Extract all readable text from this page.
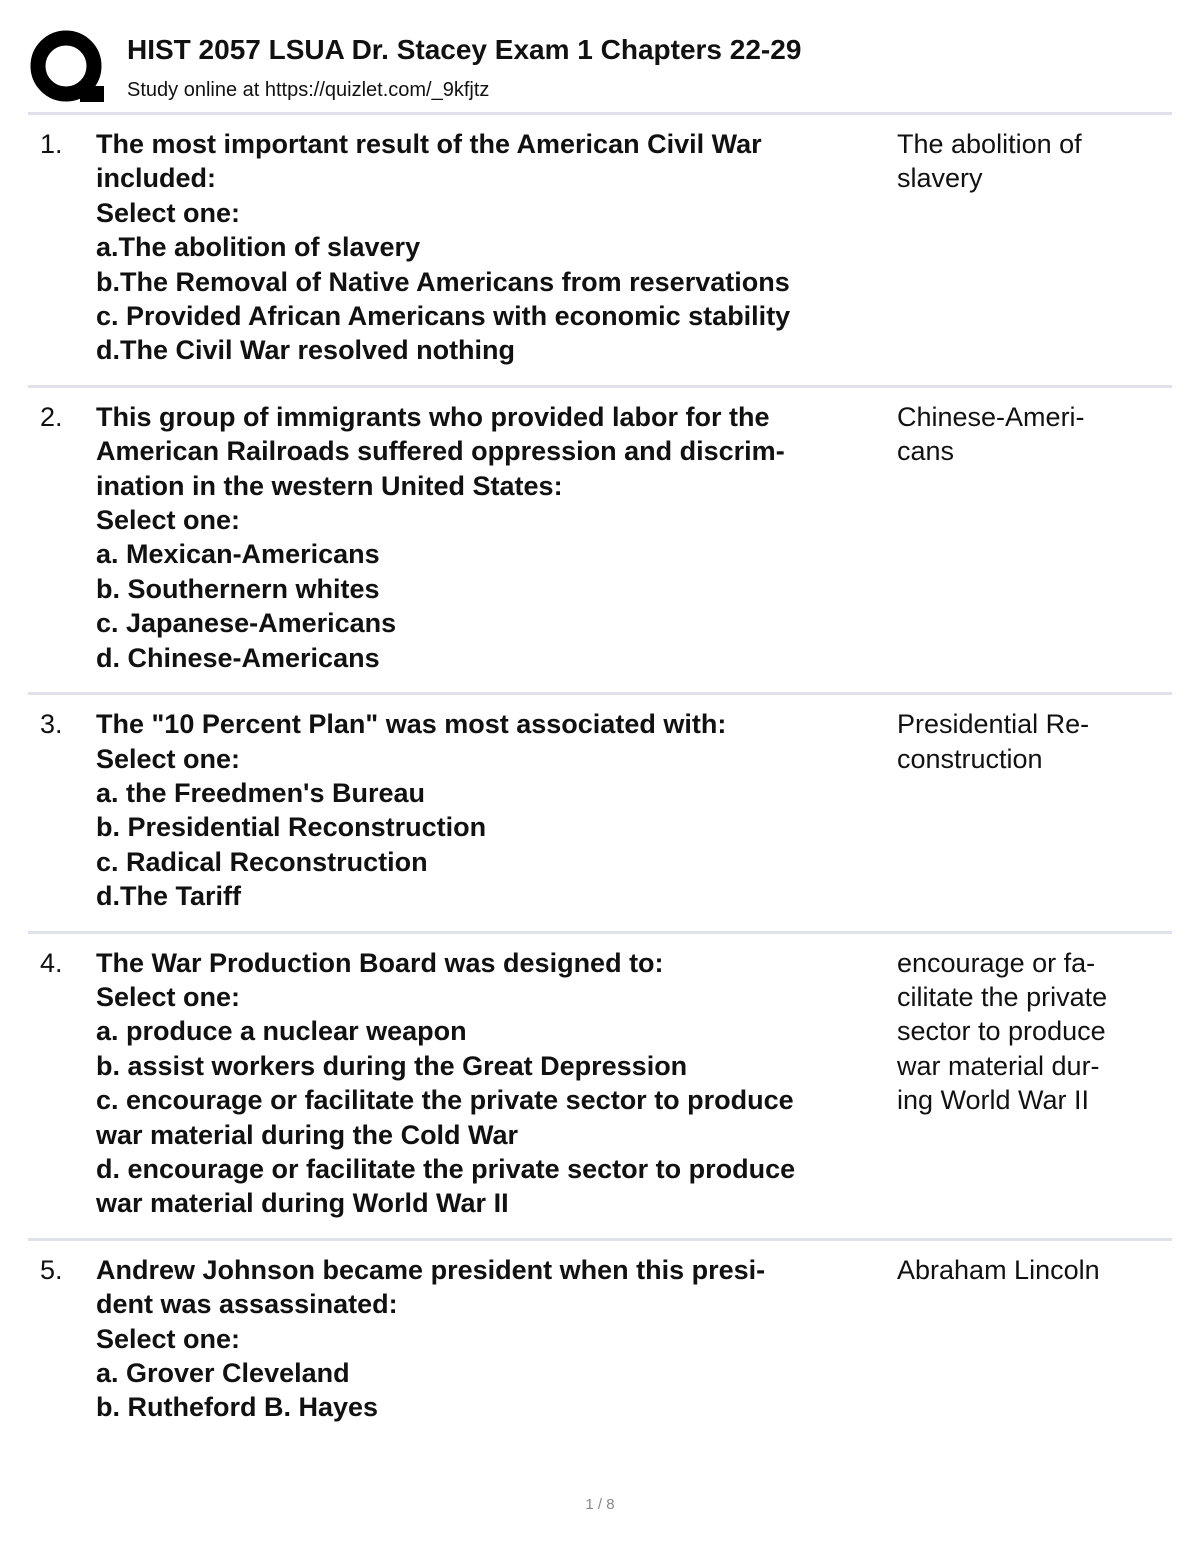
HIST 2057 LSUA Dr. Stacey Exam 1 Chapters 22-29
Study online at https://quizlet.com/_9kfjtz
1. The most important result of the American Civil War
included:
Select one:
a.The abolition of slavery
b.The Removal of Native Americans from reservations
c. Provided African Americans with economic stability
d.The Civil War resolved nothing
The abolition of
slavery
2. This group of immigrants who provided labor for the
American Railroads suffered oppression and discrim-
ination in the western United States:
Select one:
a. Mexican-Americans
b. Southernern whites
c. Japanese-Americans
d. Chinese-Americans
Chinese-Ameri-
cans
3. The "10 Percent Plan" was most associated with:
Select one:
a. the Freedmen's Bureau
b. Presidential Reconstruction
c. Radical Reconstruction
d.The Tariff
Presidential Re-
construction
4. The War Production Board was designed to:
Select one:
a. produce a nuclear weapon
b. assist workers during the Great Depression
c. encourage or facilitate the private sector to produce
war material during the Cold War
d. encourage or facilitate the private sector to produce
war material during World War II
encourage or fa-
cilitate the private
sector to produce
war material dur-
ing World War II
5. Andrew Johnson became president when this presi-
dent was assassinated:
Select one:
a. Grover Cleveland
b. Rutheford B. Hayes
Abraham Lincoln
1 / 8
